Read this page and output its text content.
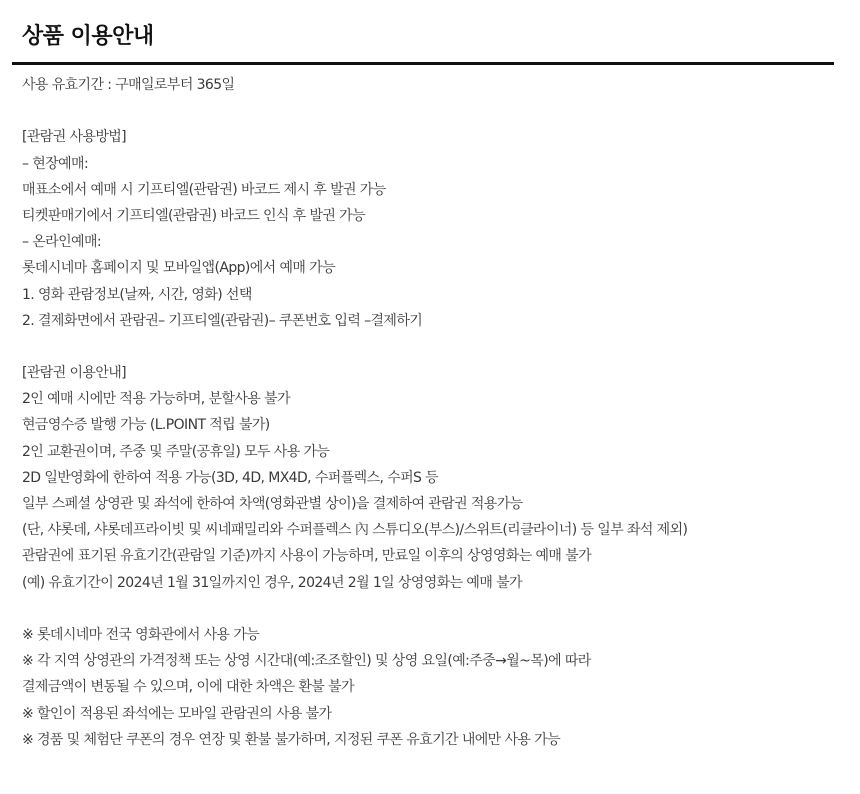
상품 이용안내
사용 유효기간 : 구매일로부터 365일
[관람권 사용방법]
– 현장예매:
매표소에서 예매 시 기프티엘(관람권) 바코드 제시 후 발권 가능
티켓판매기에서 기프티엘(관람권) 바코드 인식 후 발권 가능
– 온라인예매:
롯데시네마 홈페이지 및 모바일앱(App)에서 예매 가능
1. 영화 관람정보(날짜, 시간, 영화) 선택
2. 결제화면에서 관람권– 기프티엘(관람권)– 쿠폰번호 입력 –결제하기
[관람권 이용안내]
2인 예매 시에만 적용 가능하며, 분할사용 불가
현금영수증 발행 가능 (L.POINT 적립 불가)
2인 교환권이며, 주중 및 주말(공휴일) 모두 사용 가능
2D 일반영화에 한하여 적용 가능(3D, 4D, MX4D, 수퍼플렉스, 수퍼S 등
일부 스페셜 상영관 및 좌석에 한하여 차액(영화관별 상이)을 결제하여 관람권 적용가능
(단, 샤롯데, 샤롯데프라이빗 및 씨네패밀리와 수퍼플렉스 內 스튜디오(부스)/스위트(리클라이너) 등 일부 좌석 제외)
관람권에 표기된 유효기간(관람일 기준)까지 사용이 가능하며, 만료일 이후의 상영영화는 예매 불가
(예) 유효기간이 2024년 1월 31일까지인 경우, 2024년 2월 1일 상영영화는 예매 불가
※ 롯데시네마 전국 영화관에서 사용 가능
※ 각 지역 상영관의 가격정책 또는 상영 시간대(예:조조할인) 및 상영 요일(예:주중→월~목)에 따라
결제금액이 변동될 수 있으며, 이에 대한 차액은 환불 불가
※ 할인이 적용된 좌석에는 모바일 관람권의 사용 불가
※ 경품 및 체험단 쿠폰의 경우 연장 및 환불 불가하며, 지정된 쿠폰 유효기간 내에만 사용 가능
